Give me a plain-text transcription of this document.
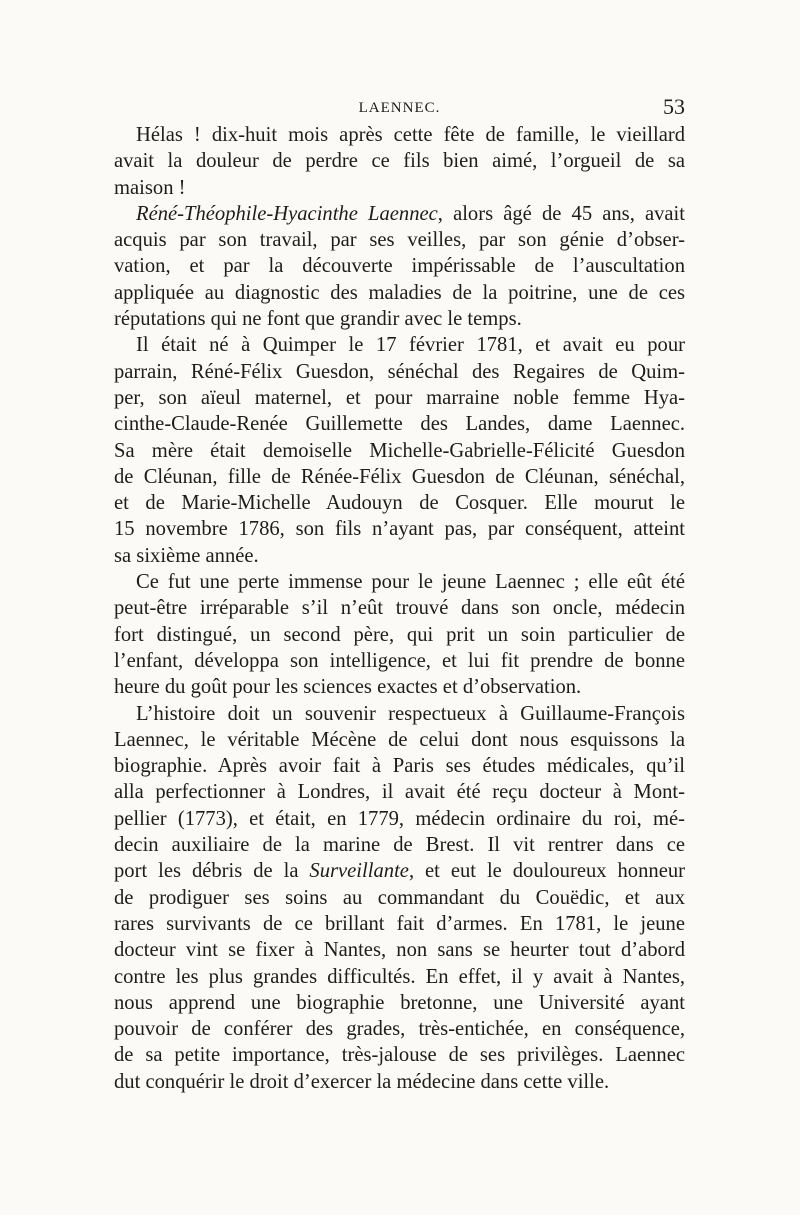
LAENNEC.	53

Hélas ! dix-huit mois après cette fête de famille, le vieillard
avait la douleur de perdre ce fils bien aimé, l’orgueil de sa
maison !

Réné-Théophile-Hyacinthe Laennec, alors âgé de 45 ans, avait
acquis par son travail, par ses veilles, par son génie d’obser-
vation, et par la découverte impérissable de l’auscultation
appliquée au diagnostic des maladies de la poitrine, une de ces
réputations qui ne font que grandir avec le temps.

Il était né à Quimper le 17 février 1781, et avait eu pour
parrain, Réné-Félix Guesdon, sénéchal des Regaires de Quim-
per, son aïeul maternel, et pour marraine noble femme Hya-
cinthe-Claude-Renée Guillemette des Landes, dame Laennec.
Sa mère était demoiselle Michelle-Gabrielle-Félicité Guesdon
de Cléunan, fille de Rénée-Félix Guesdon de Cléunan, sénéchal,
et de Marie-Michelle Audouyn de Cosquer. Elle mourut le
15 novembre 1786, son fils n’ayant pas, par conséquent, atteint
sa sixième année.

Ce fut une perte immense pour le jeune Laennec ; elle eût été
peut-être irréparable s’il n’eût trouvé dans son oncle, médecin
fort distingué, un second père, qui prit un soin particulier de
l’enfant, développa son intelligence, et lui fit prendre de bonne
heure du goût pour les sciences exactes et d’observation.

L’histoire doit un souvenir respectueux à Guillaume-François
Laennec, le véritable Mécène de celui dont nous esquissons la
biographie. Après avoir fait à Paris ses études médicales, qu’il
alla perfectionner à Londres, il avait été reçu docteur à Mont-
pellier (1773), et était, en 1779, médecin ordinaire du roi, mé-
decin auxiliaire de la marine de Brest. Il vit rentrer dans ce
port les débris de la Surveillante, et eut le douloureux honneur
de prodiguer ses soins au commandant du Couëdic, et aux
rares survivants de ce brillant fait d’armes. En 1781, le jeune
docteur vint se fixer à Nantes, non sans se heurter tout d’abord
contre les plus grandes difficultés. En effet, il y avait à Nantes,
nous apprend une biographie bretonne, une Université ayant
pouvoir de conférer des grades, très-entichée, en conséquence,
de sa petite importance, très-jalouse de ses privilèges. Laennec
dut conquérir le droit d’exercer la médecine dans cette ville.
